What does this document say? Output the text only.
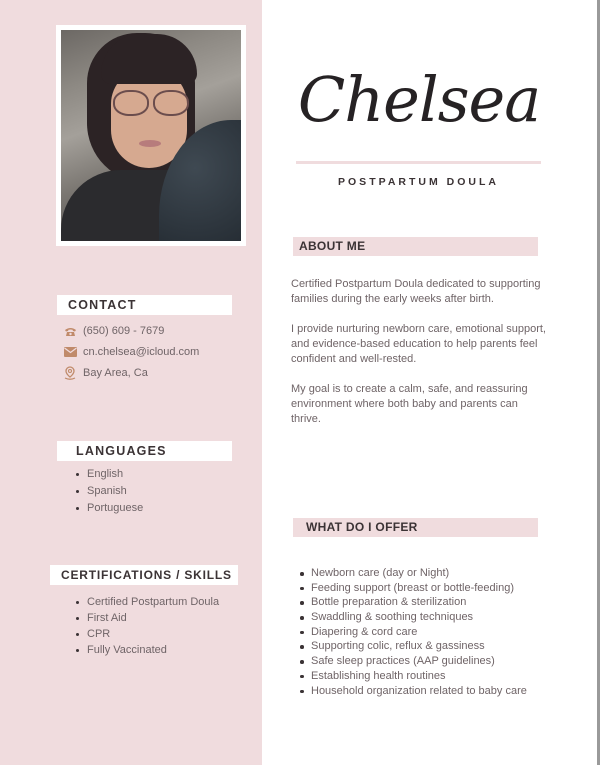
CONTACT
(650) 609 - 7679
cn.chelsea@icloud.com
Bay Area, Ca
LANGUAGES
English
Spanish
Portuguese
CERTIFICATIONS / SKILLS
Certified Postpartum Doula
First Aid
CPR
Fully Vaccinated
Chelsea
POSTPARTUM DOULA
ABOUT ME

Certified Postpartum Doula dedicated to supporting families during the early weeks after birth.

I provide nurturing newborn care, emotional support, and evidence-based education to help parents feel confident and well-rested.

My goal is to create a calm, safe, and reassuring environment where both baby and parents can thrive.

WHAT DO I OFFER
Newborn care (day or Night)
Feeding support (breast or bottle-feeding)
Bottle preparation & sterilization
Swaddling & soothing techniques
Diapering & cord care
Supporting colic, reflux & gassiness
Safe sleep practices (AAP guidelines)
Establishing health routines
Household organization related to baby care
